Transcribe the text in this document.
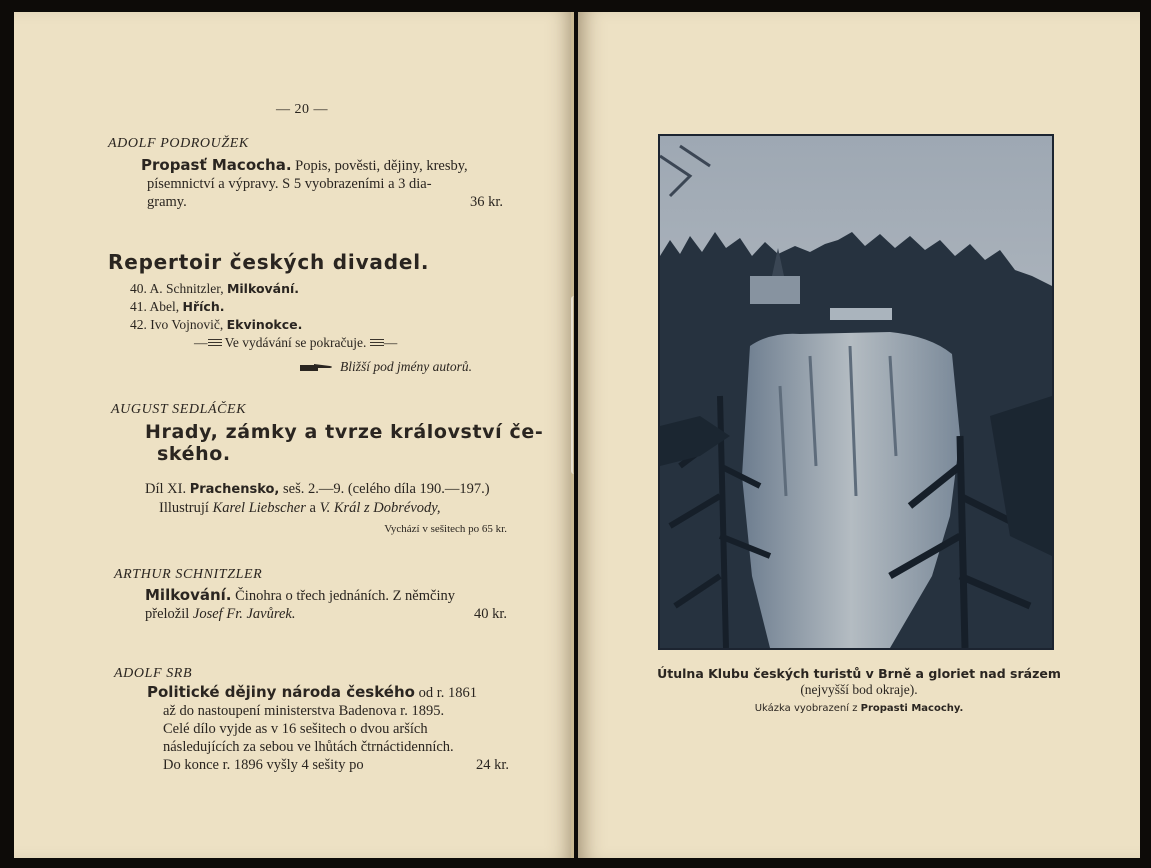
— 20 —
ADOLF PODROUŽEK
Propasť Macocha. Popis, pověsti, dějiny, kresby,
písemnictví a výpravy. S 5 vyobrazeními a 3 dia-
gramy.	36 kr.
Repertoir českých divadel.
40. A. Schnitzler, Milkování.
41. Abel, Hřích.
42. Ivo Vojnovič, Ekvinokce.
— Ve vydávání se pokračuje. —
Bližší pod jmény autorů.
AUGUST SEDLÁČEK
Hrady, zámky a tvrze království če-
ského.
Díl XI. Prachensko, seš. 2.—9. (celého díla 190.—197.)
Illustrují Karel Liebscher a V. Král z Dobrévody,
Vychází v sešitech po 65 kr.
ARTHUR SCHNITZLER
Milkování. Činohra o třech jednáních. Z němčiny
přeložil Josef Fr. Javůrek.	40 kr.
ADOLF SRB
Politické dějiny národa českého od r. 1861
až do nastoupení ministerstva Badenova r. 1895.
Celé dílo vyjde as v 16 sešitech o dvou arších
následujících za sebou ve lhůtách čtrnáctidenních.
Do konce r. 1896 vyšly 4 sešity po	24 kr.
Útulna Klubu českých turistů v Brně a gloriet nad srázem
(nejvyšší bod okraje).
Ukázka vyobrazení z Propasti Macochy.
